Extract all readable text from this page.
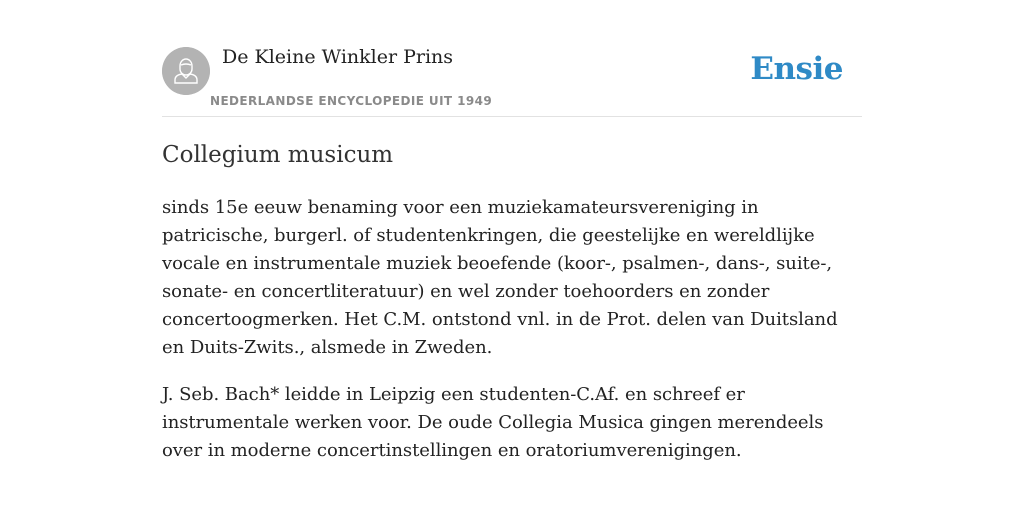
De Kleine Winkler Prins
NEDERLANDSE ENCYCLOPEDIE UIT 1949
Ensie
Collegium musicum

sinds 15e eeuw benaming voor een muziekamateursvereniging in patricische, burgerl. of studentenkringen, die geestelijke en wereldlijke vocale en instrumentale muziek beoefende (koor-, psalmen-, dans-, suite-, sonate- en concertliteratuur) en wel zonder toehoorders en zonder concertoogmerken. Het C.M. ontstond vnl. in de Prot. delen van Duitsland en Duits-Zwits., alsmede in Zweden.

J. Seb. Bach* leidde in Leipzig een studenten-C.Af. en schreef er instrumentale werken voor. De oude Collegia Musica gingen merendeels over in moderne concertinstellingen en oratoriumverenigingen.
